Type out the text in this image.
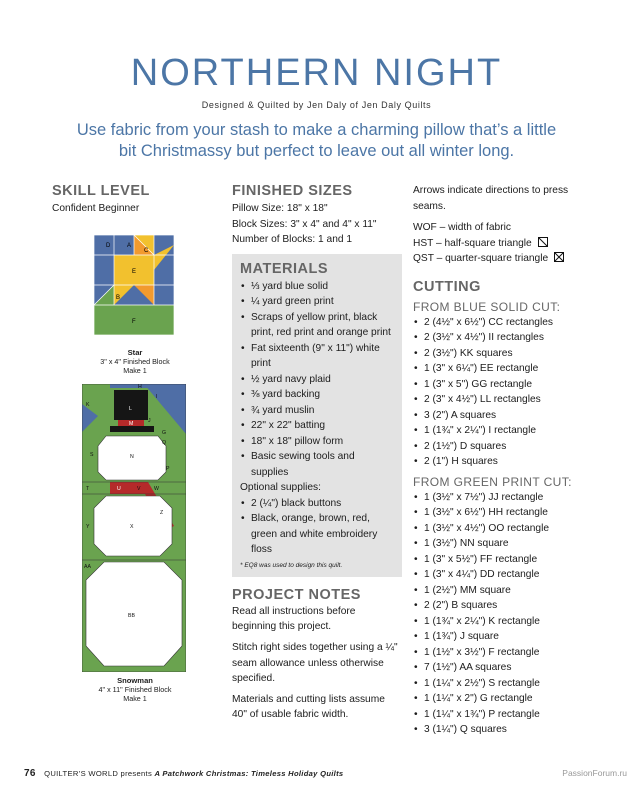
NORTHERN NIGHT
Designed & Quilted by Jen Daly of Jen Daly Quilts
Use fabric from your stash to make a charming pillow that’s a little bit Christmassy but perfect to leave out all winter long.
SKILL LEVEL
Confident Beginner
A
C
D
E
B
F
Star
3" x 4" Finished Block
Make 1
K
H
I
L
M	J
G
Q
S	N
P
T	U	V	W
Z
Y	X
AA
BB
Snowman
4" x 11" Finished Block
Make 1
FINISHED SIZES
Pillow Size: 18" x 18"
Block Sizes: 3" x 4" and 4" x 11"
Number of Blocks: 1 and 1
MATERIALS
• ⅓ yard blue solid
• ¼ yard green print
• Scraps of yellow print, black print, red print and orange print
• Fat sixteenth (9" x 11") white print
• ½ yard navy plaid
• ⅜ yard backing
• ¾ yard muslin
• 22" x 22" batting
• 18" x 18" pillow form
• Basic sewing tools and supplies
Optional supplies:
• 2 (¼") black buttons
• Black, orange, brown, red, green and white embroidery floss
* EQ8 was used to design this quilt.
PROJECT NOTES
Read all instructions before beginning this project.
Stitch right sides together using a ¼" seam allowance unless otherwise specified.
Materials and cutting lists assume 40" of usable fabric width.
Arrows indicate directions to press seams.
WOF – width of fabric
HST – half-square triangle
QST – quarter-square triangle
CUTTING
FROM BLUE SOLID CUT:
• 2 (4½" x 6½") CC rectangles
• 2 (3½" x 4½") II rectangles
• 2 (3½") KK squares
• 1 (3" x 6¼") EE rectangle
• 1 (3" x 5") GG rectangle
• 2 (3" x 4½") LL rectangles
• 3 (2") A squares
• 1 (1¾" x 2¼") I rectangle
• 2 (1½") D squares
• 2 (1") H squares
FROM GREEN PRINT CUT:
• 1 (3½" x 7½") JJ rectangle
• 1 (3½" x 6½") HH rectangle
• 1 (3½" x 4½") OO rectangle
• 1 (3½") NN square
• 1 (3" x 5½") FF rectangle
• 1 (3" x 4¼") DD rectangle
• 1 (2½") MM square
• 2 (2") B squares
• 1 (1¾" x 2¼") K rectangle
• 1 (1¾") J square
• 1 (1½" x 3½") F rectangle
• 7 (1½") AA squares
• 1 (1¼" x 2½") S rectangle
• 1 (1¼" x 2") G rectangle
• 1 (1¼" x 1¾") P rectangle
• 3 (1¼") Q squares
76 QUILTER’S WORLD presents A Patchwork Christmas: Timeless Holiday Quilts	PassionForum.ru
